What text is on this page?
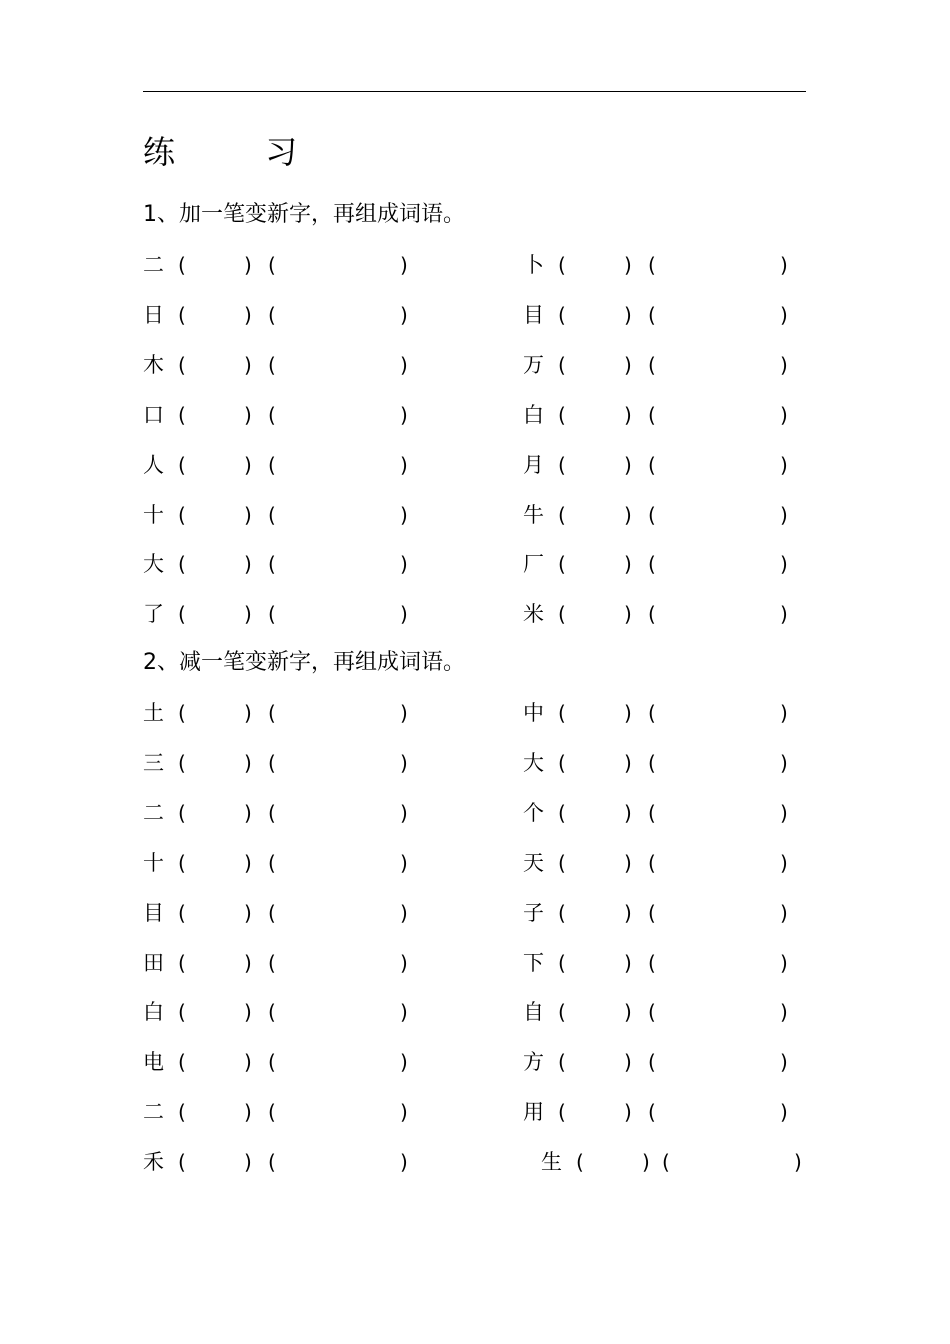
练 习
1、加一笔变新字，再组成词语。
二 (	) (	)	卜 (	) (	)
日 (	) (	)	目 (	) (	)
木 (	) (	)	万 (	) (	)
口 (	) (	)	白 (	) (	)
人 (	) (	)	月 (	) (	)
十 (	) (	)	牛 (	) (	)
大 (	) (	)	厂 (	) (	)
了 (	) (	)	米 (	) (	)
2、减一笔变新字，再组成词语。
土 (	) (	)	中 (	) (	)
三 (	) (	)	大 (	) (	)
二 (	) (	)	个 (	) (	)
十 (	) (	)	天 (	) (	)
目 (	) (	)	子 (	) (	)
田 (	) (	)	下 (	) (	)
白 (	) (	)	自 (	) (	)
电 (	) (	)	方 (	) (	)
二 (	) (	)	用 (	) (	)
禾 (	) (	)	生 (	) (	)
